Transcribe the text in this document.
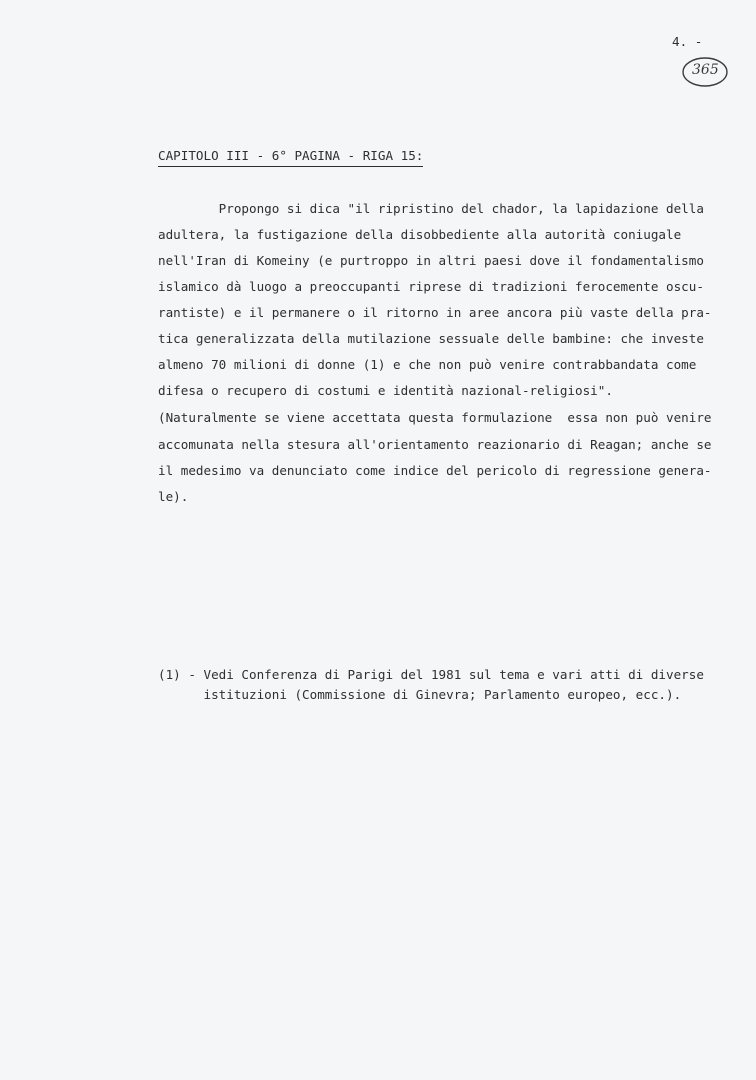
4. -
365
CAPITOLO III - 6° PAGINA - RIGA 15:
Propongo si dica "il ripristino del chador, la lapidazione della
adultera, la fustigazione della disobbediente alla autorità coniugale
nell'Iran di Komeiny (e purtroppo in altri paesi dove il fondamentalismo
islamico dà luogo a preoccupanti riprese di tradizioni ferocemente oscu-
rantiste) e il permanere o il ritorno in aree ancora più vaste della pra-
tica generalizzata della mutilazione sessuale delle bambine: che investe
almeno 70 milioni di donne (1) e che non può venire contrabbandata come
difesa o recupero di costumi e identità nazional-religiosi".
(Naturalmente se viene accettata questa formulazione  essa non può venire
accomunata nella stesura all'orientamento reazionario di Reagan; anche se
il medesimo va denunciato come indice del pericolo di regressione genera-
le).
(1) - Vedi Conferenza di Parigi del 1981 sul tema e vari atti di diverse
istituzioni (Commissione di Ginevra; Parlamento europeo, ecc.).
